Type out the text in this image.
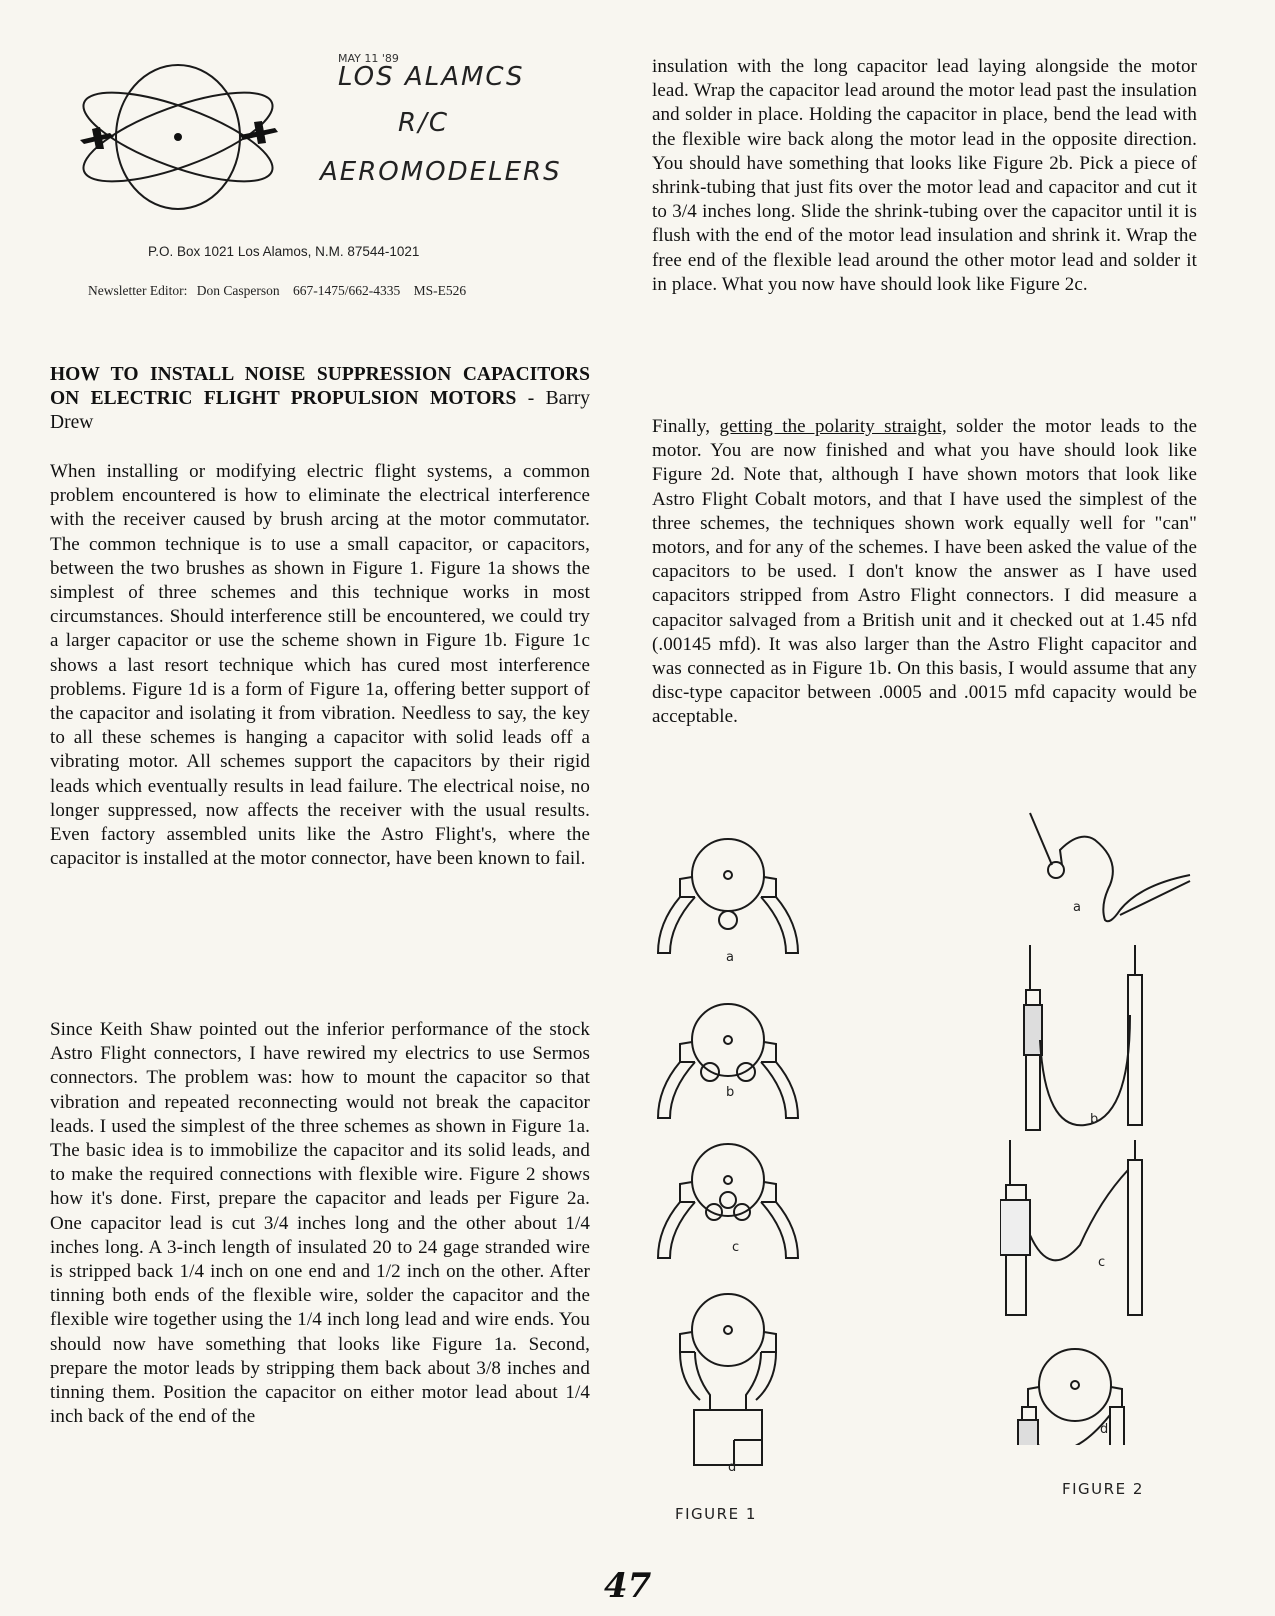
MAY 11 '89
LOS ALAMCS
R/C
AEROMODELERS
P.O. Box 1021 Los Alamos, N.M. 87544-1021
Newsletter Editor: Don Casperson 667-1475/662-4335 MS-E526
HOW TO INSTALL NOISE SUPPRESSION CAPACITORS ON ELECTRIC FLIGHT PROPULSION MOTORS - Barry Drew
When installing or modifying electric flight systems, a common problem encountered is how to eliminate the electrical interference with the receiver caused by brush arcing at the motor commutator. The common technique is to use a small capacitor, or capacitors, between the two brushes as shown in Figure 1. Figure 1a shows the simplest of three schemes and this technique works in most circumstances. Should interference still be encountered, we could try a larger capacitor or use the scheme shown in Figure 1b. Figure 1c shows a last resort technique which has cured most interference problems. Figure 1d is a form of Figure 1a, offering better support of the capacitor and isolating it from vibration. Needless to say, the key to all these schemes is hanging a capacitor with solid leads off a vibrating motor. All schemes support the capacitors by their rigid leads which eventually results in lead failure. The electrical noise, no longer suppressed, now affects the receiver with the usual results. Even factory assembled units like the Astro Flight's, where the capacitor is installed at the motor connector, have been known to fail.
Since Keith Shaw pointed out the inferior performance of the stock Astro Flight connectors, I have rewired my electrics to use Sermos connectors. The problem was: how to mount the capacitor so that vibration and repeated reconnecting would not break the capacitor leads. I used the simplest of the three schemes as shown in Figure 1a. The basic idea is to immobilize the capacitor and its solid leads, and to make the required connections with flexible wire. Figure 2 shows how it's done. First, prepare the capacitor and leads per Figure 2a. One capacitor lead is cut 3/4 inches long and the other about 1/4 inches long. A 3-inch length of insulated 20 to 24 gage stranded wire is stripped back 1/4 inch on one end and 1/2 inch on the other. After tinning both ends of the flexible wire, solder the capacitor and the flexible wire together using the 1/4 inch long lead and wire ends. You should now have something that looks like Figure 1a. Second, prepare the motor leads by stripping them back about 3/8 inches and tinning them. Position the capacitor on either motor lead about 1/4 inch back of the end of the
insulation with the long capacitor lead laying alongside the motor lead. Wrap the capacitor lead around the motor lead past the insulation and solder in place. Holding the capacitor in place, bend the lead with the flexible wire back along the motor lead in the opposite direction. You should have something that looks like Figure 2b. Pick a piece of shrink-tubing that just fits over the motor lead and capacitor and cut it to 3/4 inches long. Slide the shrink-tubing over the capacitor until it is flush with the end of the motor lead insulation and shrink it. Wrap the free end of the flexible lead around the other motor lead and solder it in place. What you now have should look like Figure 2c.
Finally, getting the polarity straight, solder the motor leads to the motor. You are now finished and what you have should look like Figure 2d. Note that, although I have shown motors that look like Astro Flight Cobalt motors, and that I have used the simplest of the three schemes, the techniques shown work equally well for "can" motors, and for any of the schemes. I have been asked the value of the capacitors to be used. I don't know the answer as I have used capacitors stripped from Astro Flight connectors. I did measure a capacitor salvaged from a British unit and it checked out at 1.45 nfd (.00145 mfd). It was also larger than the Astro Flight capacitor and was connected as in Figure 1b. On this basis, I would assume that any disc-type capacitor between .0005 and .0015 mfd capacity would be acceptable.
a
b
c
d
FIGURE 1
a
b
c
d
FIGURE 2
47
